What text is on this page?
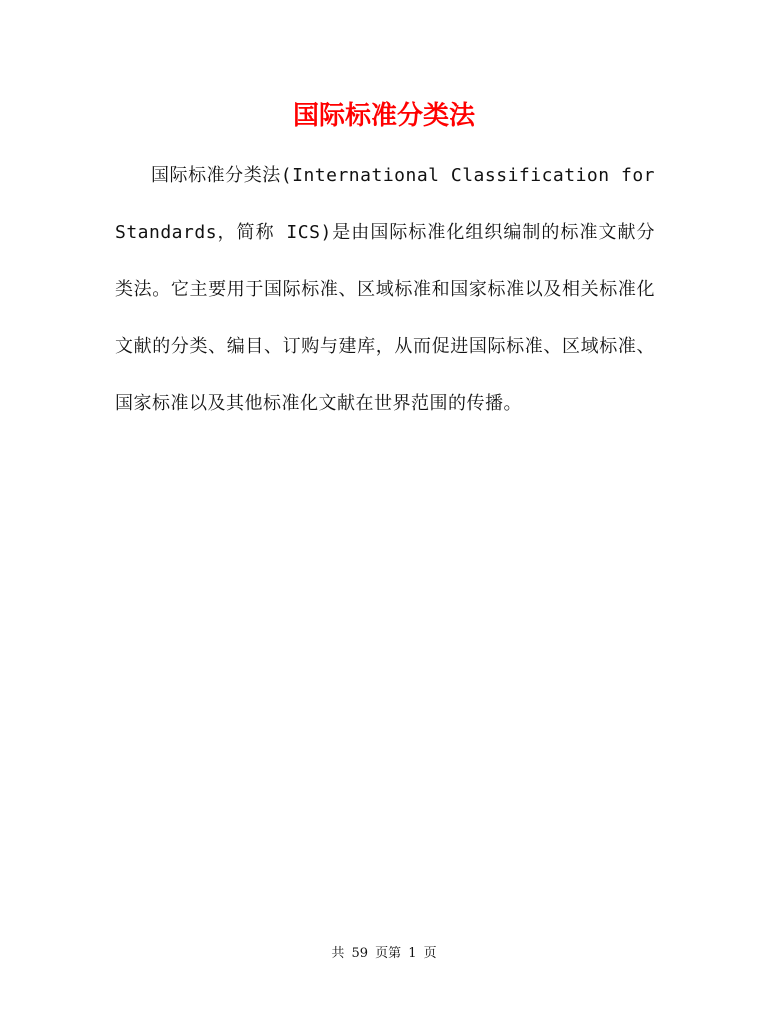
国际标准分类法

国际标准分类法(International Classification for Standards，简称 ICS)是由国际标准化组织编制的标准文献分类法。它主要用于国际标准、区域标准和国家标准以及相关标准化文献的分类、编目、订购与建库，从而促进国际标准、区域标准、国家标准以及其他标准化文献在世界范围的传播。

共 59 页第 1 页
